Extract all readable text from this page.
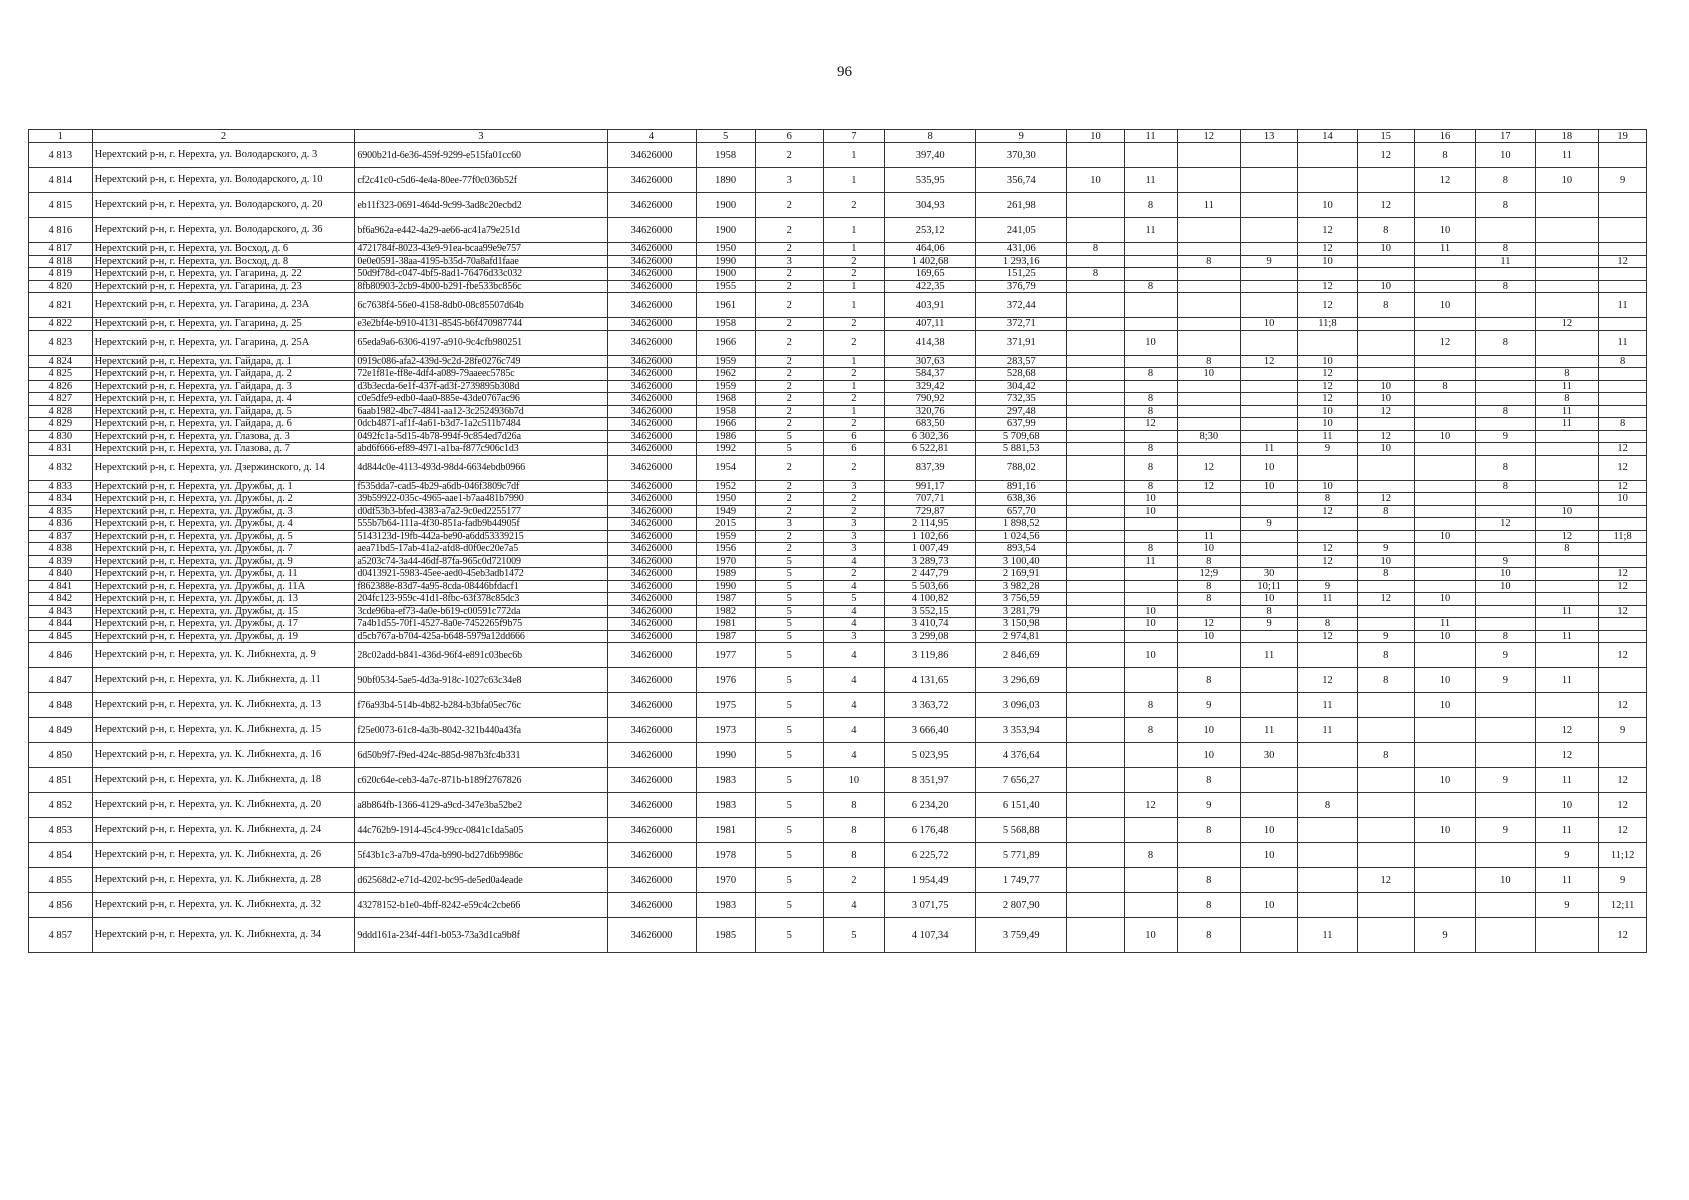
96
1	2	3	4	5	6	7	8	9	10	11	12	13	14	15	16	17	18	19
4 813	Нерехтский р-н, г. Нерехта, ул. Володарского, д. 3	6900b21d-6e36-459f-9299-e515fa01cc60	34626000	1958	2	1	397,40	370,30						12	8	10	11	
4 814	Нерехтский р-н, г. Нерехта, ул. Володарского, д. 10	cf2c41c0-c5d6-4e4a-80ee-77f0c036b52f	34626000	1890	3	1	535,95	356,74	10	11					12	8	10	9
4 815	Нерехтский р-н, г. Нерехта, ул. Володарского, д. 20	eb11f323-0691-464d-9c99-3ad8c20ecbd2	34626000	1900	2	2	304,93	261,98		8	11		10	12		8		
4 816	Нерехтский р-н, г. Нерехта, ул. Володарского, д. 36	bf6a962a-e442-4a29-ae66-ac41a79e251d	34626000	1900	2	1	253,12	241,05		11			12	8	10			
4 817	Нерехтский р-н, г. Нерехта, ул. Восход, д. 6	4721784f-8023-43e9-91ea-bcaa99e9e757	34626000	1950	2	1	464,06	431,06	8				12	10	11	8		
4 818	Нерехтский р-н, г. Нерехта, ул. Восход, д. 8	0e0e0591-38aa-4195-b35d-70a8afd1faae	34626000	1990	3	2	1 402,68	1 293,16			8	9	10			11		12
4 819	Нерехтский р-н, г. Нерехта, ул. Гагарина, д. 22	50d9f78d-c047-4bf5-8ad1-76476d33c032	34626000	1900	2	2	169,65	151,25	8									
4 820	Нерехтский р-н, г. Нерехта, ул. Гагарина, д. 23	8fb80903-2cb9-4b00-b291-fbe533bc856c	34626000	1955	2	1	422,35	376,79		8			12	10		8		
4 821	Нерехтский р-н, г. Нерехта, ул. Гагарина, д. 23А	6c7638f4-56e0-4158-8db0-08c85507d64b	34626000	1961	2	1	403,91	372,44					12	8	10			11
4 822	Нерехтский р-н, г. Нерехта, ул. Гагарина, д. 25	e3e2bf4e-b910-4131-8545-b6f470987744	34626000	1958	2	2	407,11	372,71				10	11;8				12	
4 823	Нерехтский р-н, г. Нерехта, ул. Гагарина, д. 25А	65eda9a6-6306-4197-a910-9c4cfb980251	34626000	1966	2	2	414,38	371,91		10					12	8		11
4 824	Нерехтский р-н, г. Нерехта, ул. Гайдара, д. 1	0919c086-afa2-439d-9c2d-28fe0276c749	34626000	1959	2	1	307,63	283,57			8	12	10					8
4 825	Нерехтский р-н, г. Нерехта, ул. Гайдара, д. 2	72e1f81e-ff8e-4df4-a089-79aaeec5785c	34626000	1962	2	2	584,37	528,68		8	10		12				8	
4 826	Нерехтский р-н, г. Нерехта, ул. Гайдара, д. 3	d3b3ecda-6e1f-437f-ad3f-2739895b308d	34626000	1959	2	1	329,42	304,42					12	10	8		11	
4 827	Нерехтский р-н, г. Нерехта, ул. Гайдара, д. 4	c0e5dfe9-edb0-4aa0-885e-43de0767ac96	34626000	1968	2	2	790,92	732,35		8			12	10			8	
4 828	Нерехтский р-н, г. Нерехта, ул. Гайдара, д. 5	6aab1982-4bc7-4841-aa12-3c2524936b7d	34626000	1958	2	1	320,76	297,48		8			10	12		8	11	
4 829	Нерехтский р-н, г. Нерехта, ул. Гайдара, д. 6	0dcb4871-af1f-4a61-b3d7-1a2c511b7484	34626000	1966	2	2	683,50	637,99		12			10				11	8
4 830	Нерехтский р-н, г. Нерехта, ул. Глазова, д. 3	0492fc1a-5d15-4b78-994f-9c854ed7d26a	34626000	1986	5	6	6 302,36	5 709,68			8;30		11	12	10	9		
4 831	Нерехтский р-н, г. Нерехта, ул. Глазова, д. 7	abd6f666-ef89-4971-a1ba-f877c906c1d3	34626000	1992	5	6	6 522,81	5 881,53		8		11	9	10				12
4 832	Нерехтский р-н, г. Нерехта, ул. Дзержинского, д. 14	4d844c0e-4113-493d-98d4-6634ebdb0966	34626000	1954	2	2	837,39	788,02		8	12	10				8		12
4 833	Нерехтский р-н, г. Нерехта, ул. Дружбы, д. 1	f535dda7-cad5-4b29-a6db-046f3809c7df	34626000	1952	2	3	991,17	891,16		8	12	10	10			8		12
4 834	Нерехтский р-н, г. Нерехта, ул. Дружбы, д. 2	39b59922-035c-4965-aae1-b7aa481b7990	34626000	1950	2	2	707,71	638,36		10			8	12				10
4 835	Нерехтский р-н, г. Нерехта, ул. Дружбы, д. 3	d0df53b3-bfed-4383-a7a2-9c0ed2255177	34626000	1949	2	2	729,87	657,70		10			12	8			10	
4 836	Нерехтский р-н, г. Нерехта, ул. Дружбы, д. 4	555b7b64-111a-4f30-851a-fadb9b44905f	34626000	2015	3	3	2 114,95	1 898,52				9				12		
4 837	Нерехтский р-н, г. Нерехта, ул. Дружбы, д. 5	5143123d-19fb-442a-be90-a6dd53339215	34626000	1959	2	3	1 102,66	1 024,56			11				10		12	11;8
4 838	Нерехтский р-н, г. Нерехта, ул. Дружбы, д. 7	aea71bd5-17ab-41a2-afd8-d0f0ec20e7a5	34626000	1956	2	3	1 007,49	893,54		8	10		12	9			8	
4 839	Нерехтский р-н, г. Нерехта, ул. Дружбы, д. 9	a5203c74-3a44-46df-87fa-965c0d721009	34626000	1970	5	4	3 289,73	3 100,40		11	8		12	10		9		
4 840	Нерехтский р-н, г. Нерехта, ул. Дружбы, д. 11	d0413921-5983-45ee-aed0-45eb3adb1472	34626000	1989	5	2	2 447,79	2 169,91			12;9	30		8		10		12
4 841	Нерехтский р-н, г. Нерехта, ул. Дружбы, д. 11А	f862388e-83d7-4a95-8cda-08446bfdacf1	34626000	1990	5	4	5 503,66	3 982,28			8	10;11	9			10		12
4 842	Нерехтский р-н, г. Нерехта, ул. Дружбы, д. 13	204fc123-959c-41d1-8fbc-63f378c85dc3	34626000	1987	5	5	4 100,82	3 756,59			8	10	11	12	10			
4 843	Нерехтский р-н, г. Нерехта, ул. Дружбы, д. 15	3cde96ba-ef73-4a0e-b619-c00591c772da	34626000	1982	5	4	3 552,15	3 281,79		10		8					11	12
4 844	Нерехтский р-н, г. Нерехта, ул. Дружбы, д. 17	7a4b1d55-70f1-4527-8a0e-7452265f9b75	34626000	1981	5	4	3 410,74	3 150,98		10	12	9	8		11			
4 845	Нерехтский р-н, г. Нерехта, ул. Дружбы, д. 19	d5cb767a-b704-425a-b648-5979a12dd666	34626000	1987	5	3	3 299,08	2 974,81			10		12	9	10	8	11	
4 846	Нерехтский р-н, г. Нерехта, ул. К. Либкнехта, д. 9	28c02add-b841-436d-96f4-e891c03bec6b	34626000	1977	5	4	3 119,86	2 846,69		10		11		8		9		12
4 847	Нерехтский р-н, г. Нерехта, ул. К. Либкнехта, д. 11	90bf0534-5ae5-4d3a-918c-1027c63c34e8	34626000	1976	5	4	4 131,65	3 296,69			8		12	8	10	9	11	
4 848	Нерехтский р-н, г. Нерехта, ул. К. Либкнехта, д. 13	f76a93b4-514b-4b82-b284-b3bfa05ec76c	34626000	1975	5	4	3 363,72	3 096,03		8	9		11		10			12
4 849	Нерехтский р-н, г. Нерехта, ул. К. Либкнехта, д. 15	f25e0073-61c8-4a3b-8042-321b440a43fa	34626000	1973	5	4	3 666,40	3 353,94		8	10	11	11				12	9
4 850	Нерехтский р-н, г. Нерехта, ул. К. Либкнехта, д. 16	6d50b9f7-f9ed-424c-885d-987b3fc4b331	34626000	1990	5	4	5 023,95	4 376,64			10	30		8			12	
4 851	Нерехтский р-н, г. Нерехта, ул. К. Либкнехта, д. 18	c620c64e-ceb3-4a7c-871b-b189f2767826	34626000	1983	5	10	8 351,97	7 656,27			8				10	9	11	12
4 852	Нерехтский р-н, г. Нерехта, ул. К. Либкнехта, д. 20	a8b864fb-1366-4129-a9cd-347e3ba52be2	34626000	1983	5	8	6 234,20	6 151,40		12	9		8				10	12
4 853	Нерехтский р-н, г. Нерехта, ул. К. Либкнехта, д. 24	44c762b9-1914-45c4-99cc-0841c1da5a05	34626000	1981	5	8	6 176,48	5 568,88			8	10			10	9	11	12
4 854	Нерехтский р-н, г. Нерехта, ул. К. Либкнехта, д. 26	5f43b1c3-a7b9-47da-b990-bd27d6b9986c	34626000	1978	5	8	6 225,72	5 771,89		8		10					9	11;12
4 855	Нерехтский р-н, г. Нерехта, ул. К. Либкнехта, д. 28	d62568d2-e71d-4202-bc95-de5ed0a4eade	34626000	1970	5	2	1 954,49	1 749,77			8			12		10	11	9
4 856	Нерехтский р-н, г. Нерехта, ул. К. Либкнехта, д. 32	43278152-b1e0-4bff-8242-e59c4c2cbe66	34626000	1983	5	4	3 071,75	2 807,90			8	10					9	12;11
4 857	Нерехтский р-н, г. Нерехта, ул. К. Либкнехта, д. 34	9ddd161a-234f-44f1-b053-73a3d1ca9b8f	34626000	1985	5	5	4 107,34	3 759,49		10	8		11		9			12
